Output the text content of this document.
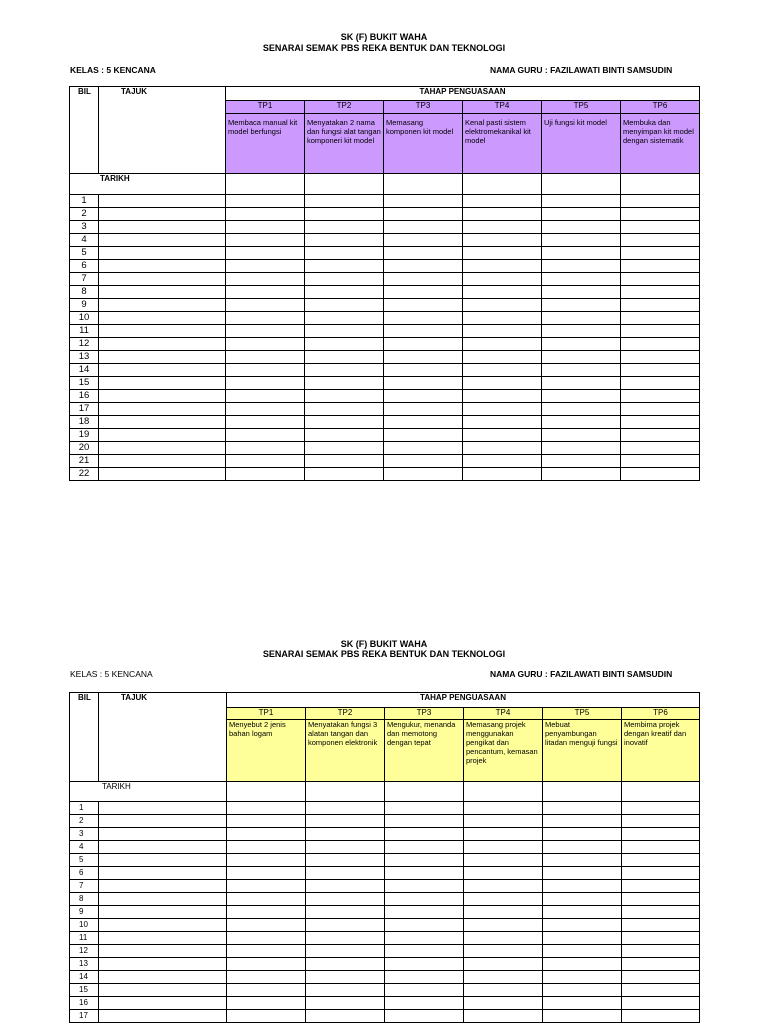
SK (F) BUKIT WAHA
SENARAI SEMAK PBS REKA BENTUK DAN TEKNOLOGI
KELAS : 5 KENCANA	NAMA GURU : FAZILAWATI BINTI SAMSUDIN
BIL	TAJUK	TAHAP PENGUASAAN					
		TP1	TP2	TP3	TP4	TP5	TP6
		Membaca manual kit model berfungsi	Menyatakan 2 nama dan fungsi alat tangan komponeri kit model	Memasang komponen kit model	Kenal pasti sistem elektromekanikal kit model	Uji fungsi kit model	Membuka dan menyimpan kit model dengan sistematik
TARIKH							
1							
2							
3							
4							
5							
6							
7							
8							
9							
10							
11							
12							
13							
14							
15							
16							
17							
18							
19							
20							
21							
22							
SK (F) BUKIT WAHA
SENARAI SEMAK PBS REKA BENTUK DAN TEKNOLOGI
KELAS : 5 KENCANA	NAMA GURU : FAZILAWATI BINTI SAMSUDIN
BIL	TAJUK	TAHAP PENGUASAAN					
		TP1	TP2	TP3	TP4	TP5	TP6
		Menyebut 2 jenis bahan logam	Menyatakan fungsi 3 alatan tangan dan komponen elektronik	Mengukur, menanda dan memotong dengan tepat	Memasang projek menggunakan pengikat dan pencantum, kemasan projek	Mebuat penyambungan litadan menguji fungsi	Membima projek dengan kreatif dan inovatif
TARIKH							
1							
2							
3							
4							
5							
6							
7							
8							
9							
10							
11							
12							
13							
14							
15							
16							
17							
